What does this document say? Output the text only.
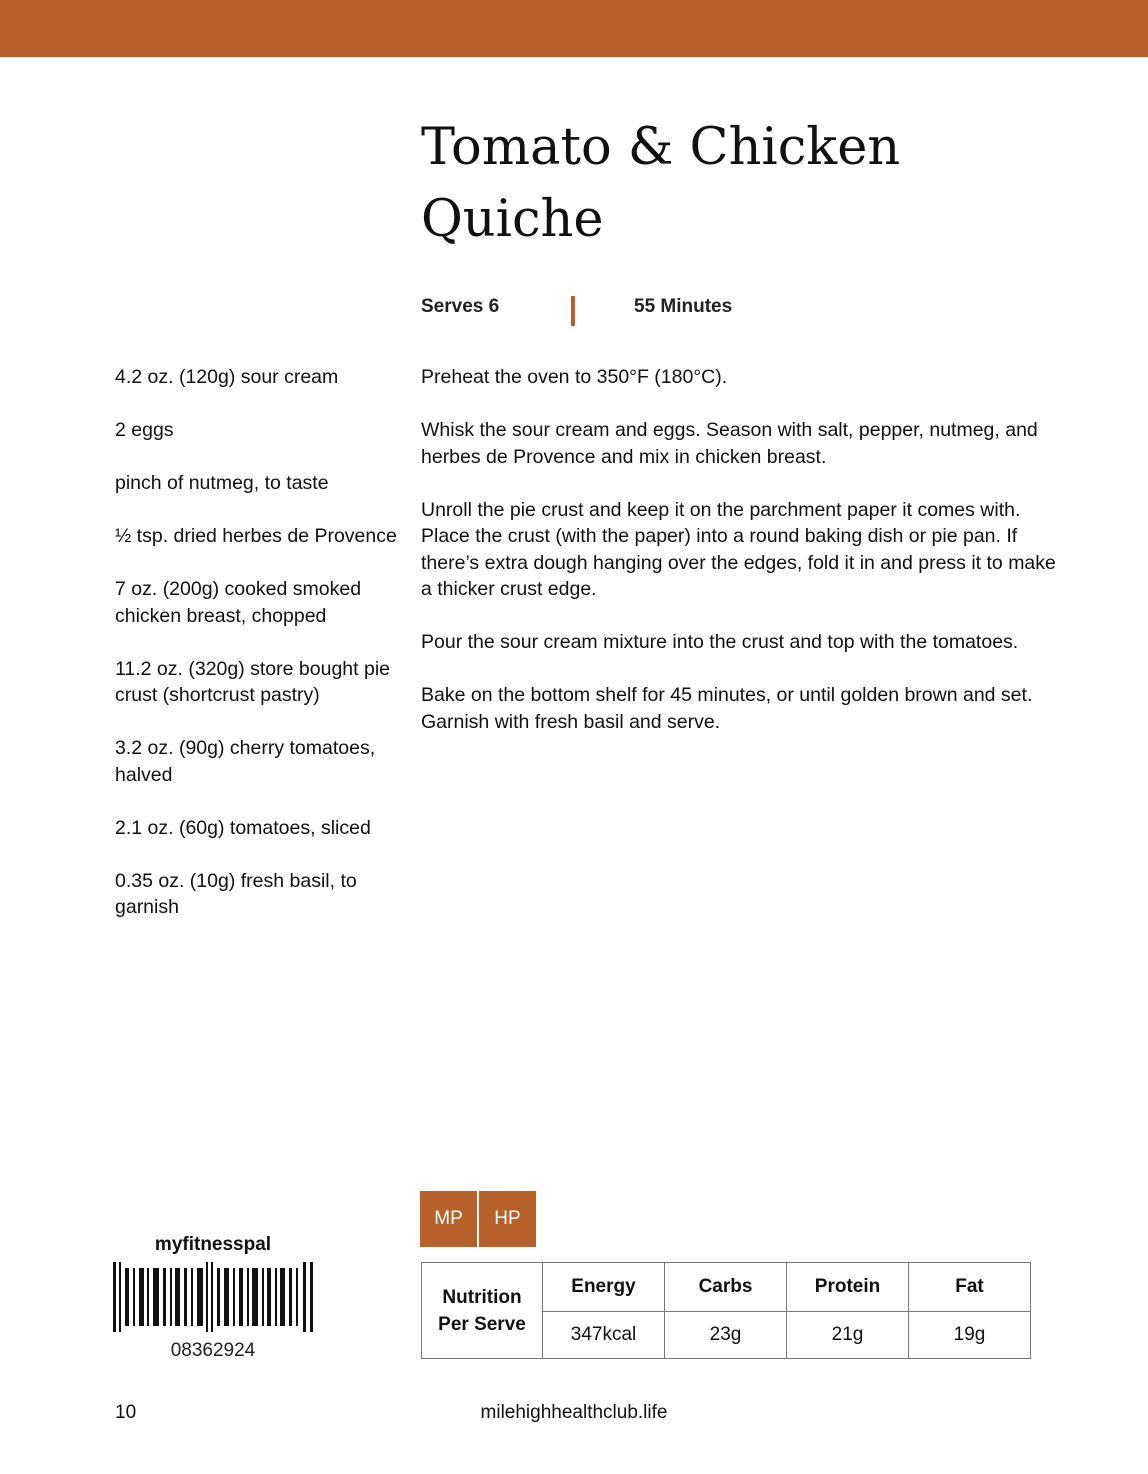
Tomato & Chicken
Quiche
Serves 6	55 Minutes
4.2 oz. (120g) sour cream
2 eggs
pinch of nutmeg, to taste
½ tsp. dried herbes de Provence
7 oz. (200g) cooked smoked chicken breast, chopped
11.2 oz. (320g) store bought pie crust (shortcrust pastry)
3.2 oz. (90g) cherry tomatoes, halved
2.1 oz. (60g) tomatoes, sliced
0.35 oz. (10g) fresh basil, to garnish
Preheat the oven to 350°F (180°C).
Whisk the sour cream and eggs. Season with salt, pepper, nutmeg, and herbes de Provence and mix in chicken breast.
Unroll the pie crust and keep it on the parchment paper it comes with. Place the crust (with the paper) into a round baking dish or pie pan. If there’s extra dough hanging over the edges, fold it in and press it to make a thicker crust edge.
Pour the sour cream mixture into the crust and top with the tomatoes.
Bake on the bottom shelf for 45 minutes, or until golden brown and set. Garnish with fresh basil and serve.
MP	HP
Nutrition
Per Serve	Energy	Carbs	Protein	Fat
	347kcal	23g	21g	19g
myfitnesspal
08362924
10	milehighhealthclub.life
